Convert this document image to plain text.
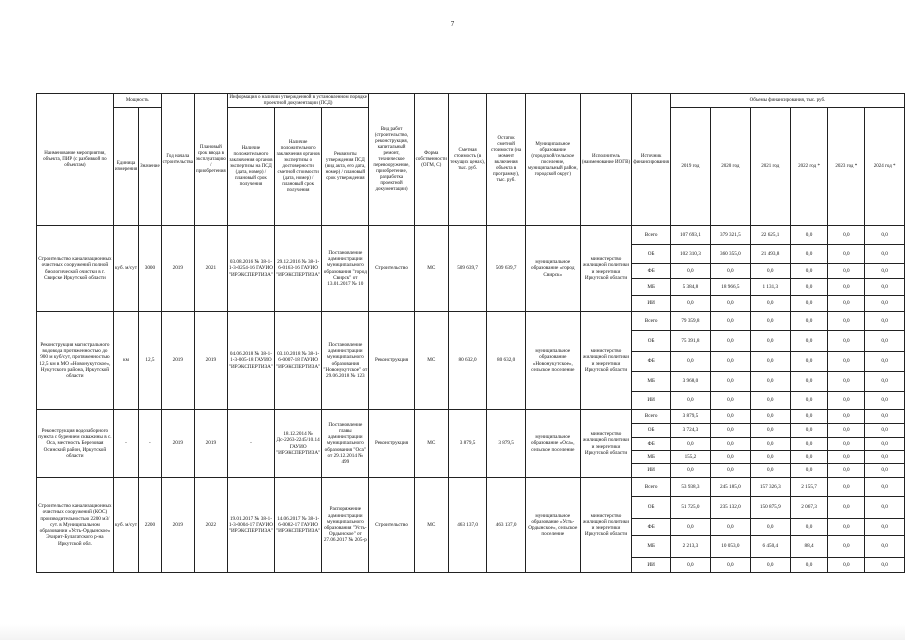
7
Наименование мероприятия, объекта, ПИР (с разбивкой по объектам)	Мощность		Год начала строительства	Плановый срок ввода в эксплуатацию / приобретения	Информация о наличии утвержденной в установленном порядке проектной документации (ПСД)			Вид работ (строительство, реконструкция, капитальный ремонт, техническое перевооружение, приобретение, разработка проектной документации)	Форма собственности (ОГМ, С)	Сметная стоимость (в текущих ценах), тыс. руб.	Остаток сметной стоимости (на момент включения объекта в программу), тыс. руб.	Муниципальное образование (городской/сельское поселение, муниципальный район, городской округ)	Исполнитель (наименование ИОГВ)	Источник финансирования	Объемы финансирования, тыс. руб.					
	Единица измерения	Значение			Наличие положительного заключения органов экспертизы на ПСД (дата, номер) / плановый срок получения	Наличие положительного заключения органов экспертизы о достоверности сметной стоимости (дата, номер) / плановый срок получения	Реквизиты утверждения ПСД (вид акта, его дата, номер) / плановый срок утверждения								2019 год	2020 год	2021 год	2022 год *	2023 год *	2024 год *
Строительство канализационных очистных сооружений полной биологической очистки в г. Свирске Иркутской области	куб. м/сут	3000	2019	2021	03.08.2016 № 38-1-1-3-0254-16 ГАУИО "ИРЭКСПЕРТИЗА"	29.12.2016 № 38-1-6-0163-16 ГАУИО "ИРЭКСПЕРТИЗА"	Постановление администрации муниципального образования "город Свирск" от 13.01.2017 № 10	Строительство	МС	509 639,7	509 639,7	муниципальное образование «город Свирск»	министерство жилищной политики и энергетики Иркутской области	Всего	107 693,1	379 321,5	22 625,1	0,0	0,0	0,0
														ОБ	102 310,3	360 355,0	21 493,8	0,0	0,0	0,0
														ФБ	0,0	0,0	0,0	0,0	0,0	0,0
														МБ	5 384,8	18 966,5	1 131,3	0,0	0,0	0,0
														ИИ	0,0	0,0	0,0	0,0	0,0	0,0
Реконструкция магистрального водовода протяженностью до 900 м куб/сут, протяженностью 12,5 км в МО «Новонукутское», Нукутского района, Иркутской области	км	12,5	2019	2019	04.06.2018 № 38-1-1-3-005-18 ГАУИО "ИРЭКСПЕРТИЗА"	03.10.2018 № 38-1-6-0007-18 ГАУИО "ИРЭКСПЕРТИЗА"	Постановление администрации муниципального образования "Новонукутское" от 29.06.2018 № 123	Реконструкция	МС	80 632,0	80 632,0	муниципальное образование «Новонукутское», сельское поселение	министерство жилищной политики и энергетики Иркутской области	Всего	79 359,8	0,0	0,0	0,0	0,0	0,0
														ОБ	75 391,8	0,0	0,0	0,0	0,0	0,0
														ФБ	0,0	0,0	0,0	0,0	0,0	0,0
														МБ	3 968,0	0,0	0,0	0,0	0,0	0,0
														ИИ	0,0	0,0	0,0	0,0	0,0	0,0
Реконструкция водозаборного пункта с бурением скважины в с. Оса, местность Березовая Осинский район, Иркутской области	-	-	2019	2019	-	18.12.2014 № Дс-2263-2245/10.14 ГАУИО "ИРЭКСПЕРТИЗА"	Постановление главы администрации муниципального образования "Оса" от 29.12.2014 № 499	Реконструкция	МС	3 879,5	3 879,5	муниципальное образование «Оса», сельское поселение	министерство жилищной политики и энергетики Иркутской области	Всего	3 879,5	0,0	0,0	0,0	0,0	0,0
														ОБ	3 724,3	0,0	0,0	0,0	0,0	0,0
														ФБ	0,0	0,0	0,0	0,0	0,0	0,0
														МБ	155,2	0,0	0,0	0,0	0,0	0,0
														ИИ	0,0	0,0	0,0	0,0	0,0	0,0
Строительство канализационных очистных сооружений (КОС) производительностью 2200 м3/сут. в Муниципальном образовании «Усть-Ордынское» Эхирит-Булагатского р-на Иркутской обл.	куб. м/сут	2200	2019	2022	19.01.2017 № 38-1-1-3-0004-17 ГАУИО "ИРЭКСПЕРТИЗА"	14.06.2017 № 38-1-6-0082-17 ГАУИО "ИРЭКСПЕРТИЗА"	Распоряжение администрации муниципального образования "Усть-Ордынское" от 27.06.2017 № 205-р	Строительство	МС	463 137,0	463 137,0	муниципальное образование «Усть-Ордынское», сельское поселение	министерство жилищной политики и энергетики Иркутской области	Всего	53 938,3	245 185,0	157 326,3	2 155,7	0,0	0,0
														ОБ	51 725,0	235 132,0	150 875,9	2 067,3	0,0	0,0
														ФБ	0,0	0,0	0,0	0,0	0,0	0,0
														МБ	2 213,3	10 053,0	6 450,4	88,4	0,0	0,0
														ИИ	0,0	0,0	0,0	0,0	0,0	0,0
